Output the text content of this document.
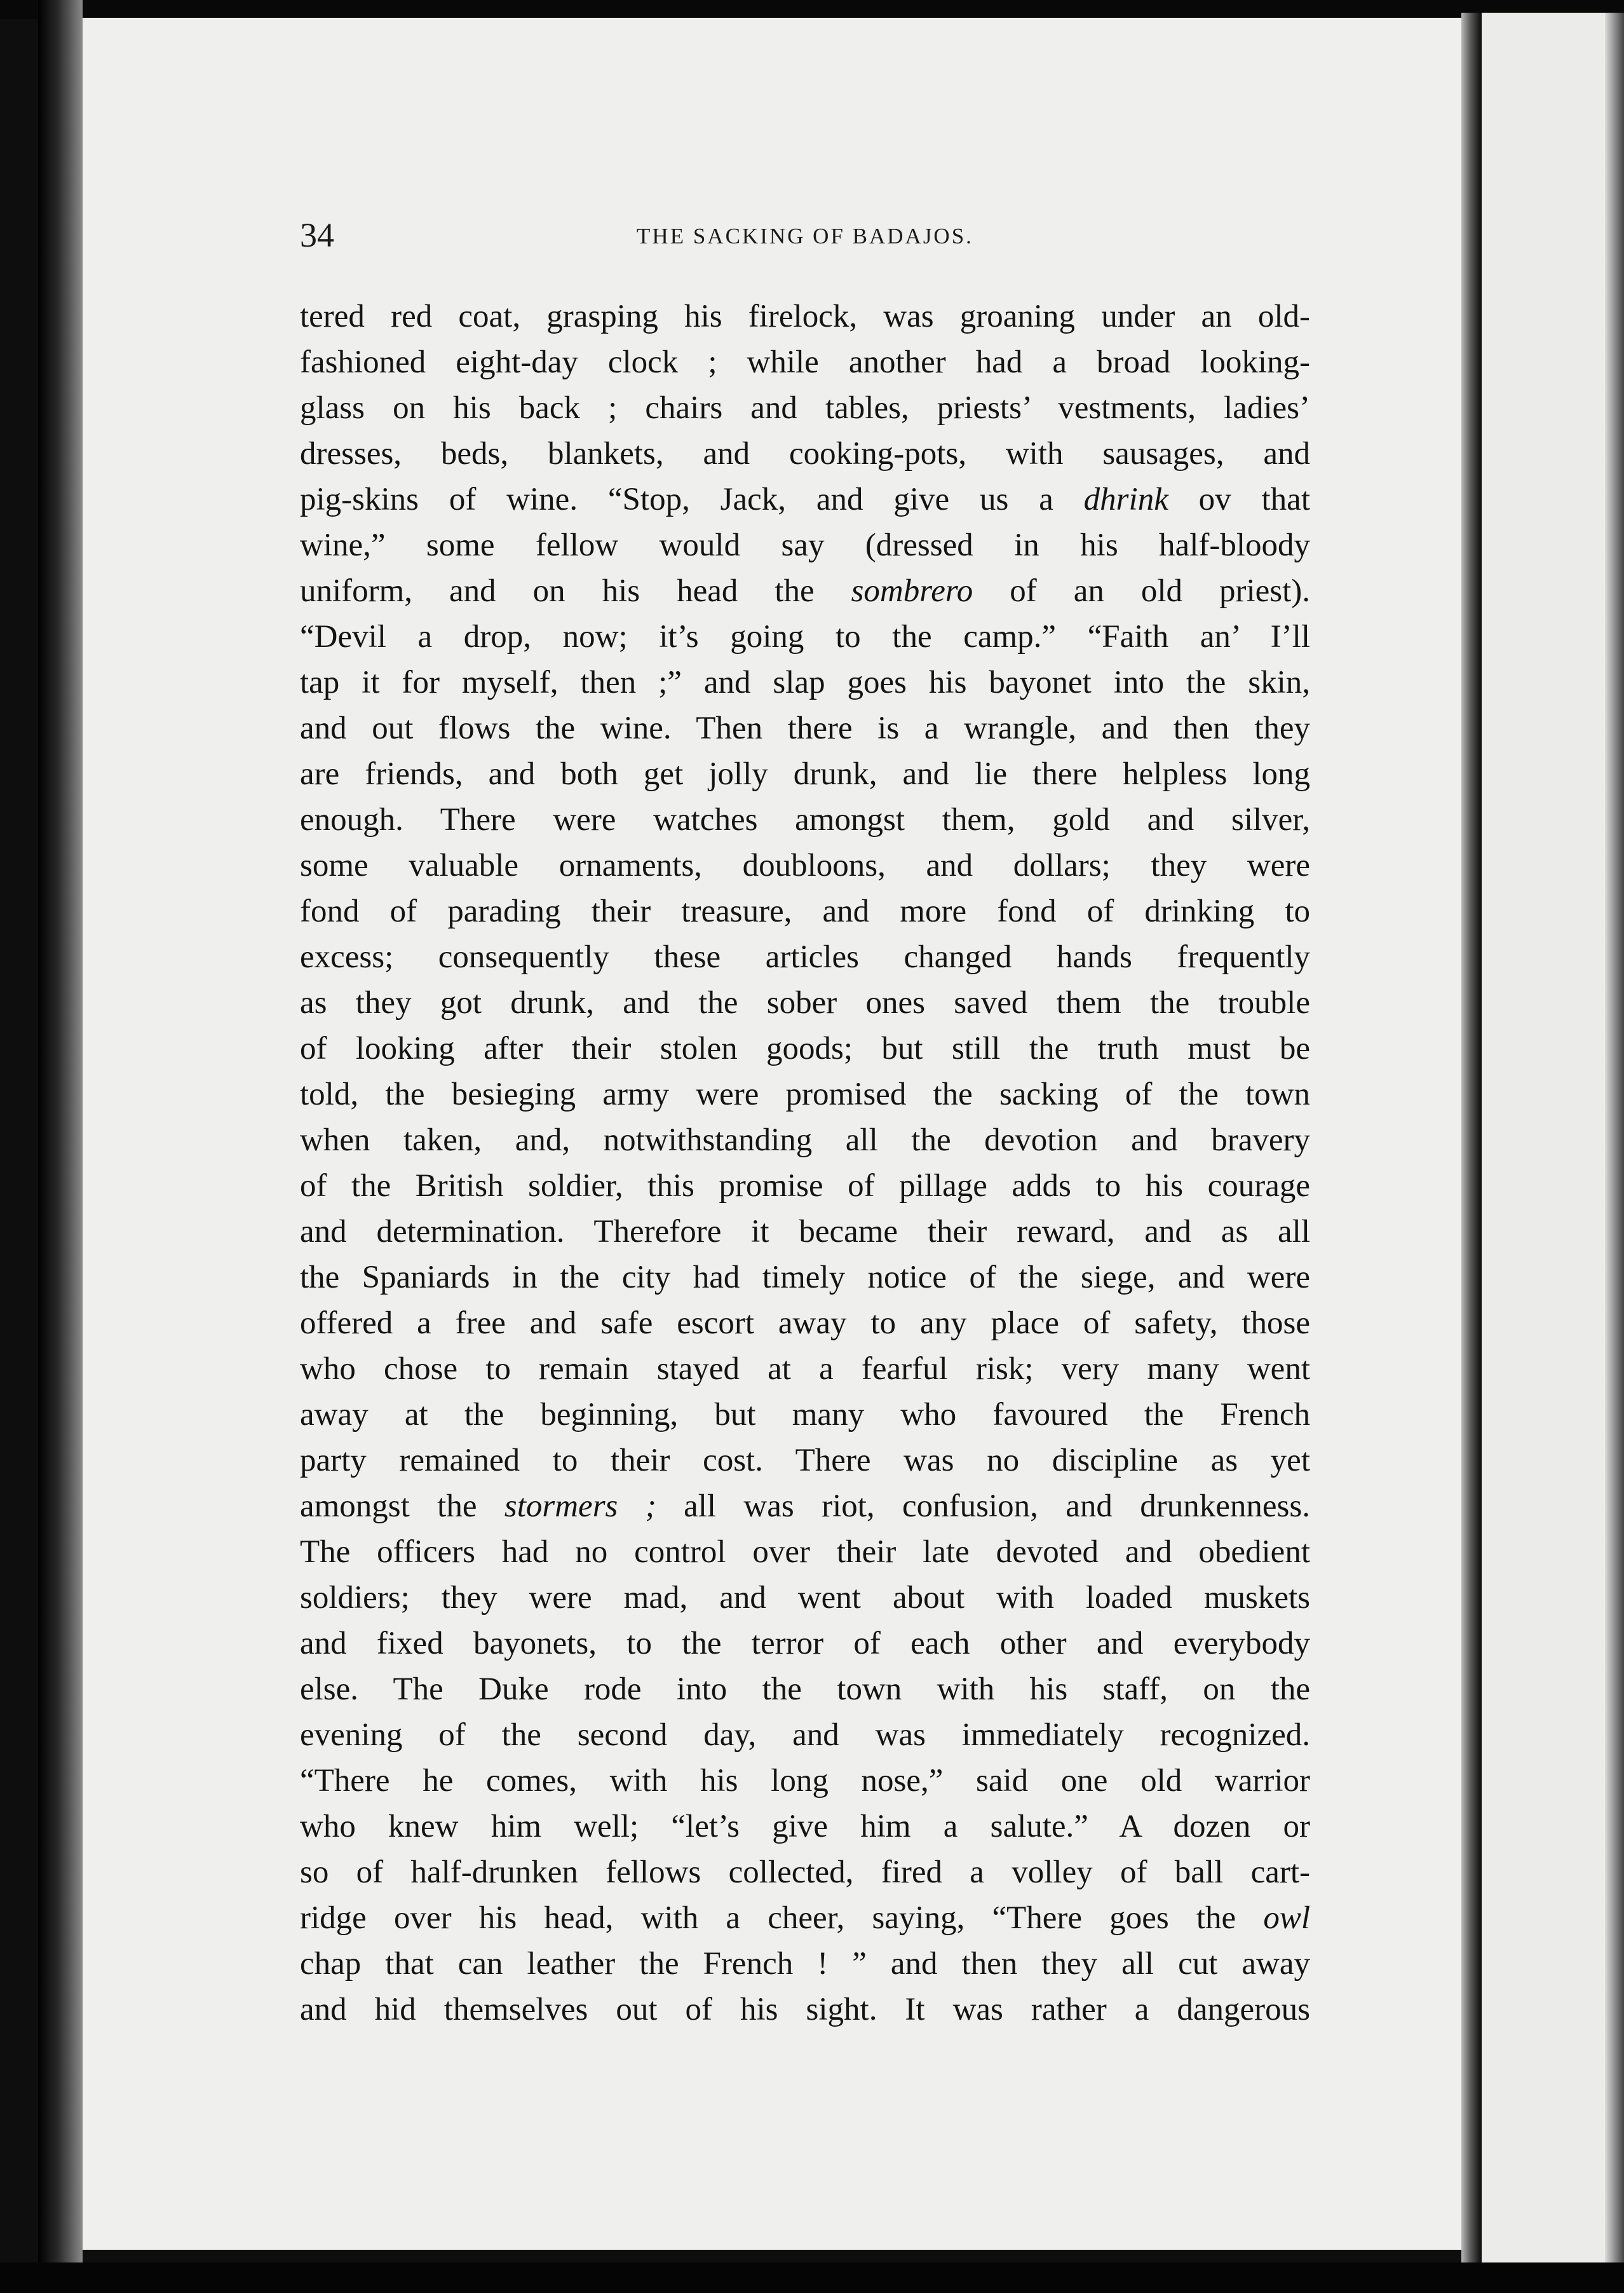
34	THE SACKING OF BADAJOS.
tered red coat, grasping his firelock, was groaning under an old-
fashioned eight-day clock ; while another had a broad looking-
glass on his back ; chairs and tables, priests’ vestments, ladies’
dresses, beds, blankets, and cooking-pots, with sausages, and
pig-skins of wine. “Stop, Jack, and give us a dhrink ov that
wine,” some fellow would say (dressed in his half-bloody
uniform, and on his head the sombrero of an old priest).
“Devil a drop, now; it’s going to the camp.” “Faith an’ I’ll
tap it for myself, then ;” and slap goes his bayonet into the skin,
and out flows the wine. Then there is a wrangle, and then they
are friends, and both get jolly drunk, and lie there helpless long
enough. There were watches amongst them, gold and silver,
some valuable ornaments, doubloons, and dollars; they were
fond of parading their treasure, and more fond of drinking to
excess; consequently these articles changed hands frequently
as they got drunk, and the sober ones saved them the trouble
of looking after their stolen goods; but still the truth must be
told, the besieging army were promised the sacking of the town
when taken, and, notwithstanding all the devotion and bravery
of the British soldier, this promise of pillage adds to his courage
and determination. Therefore it became their reward, and as all
the Spaniards in the city had timely notice of the siege, and were
offered a free and safe escort away to any place of safety, those
who chose to remain stayed at a fearful risk; very many went
away at the beginning, but many who favoured the French
party remained to their cost. There was no discipline as yet
amongst the stormers ; all was riot, confusion, and drunkenness.
The officers had no control over their late devoted and obedient
soldiers; they were mad, and went about with loaded muskets
and fixed bayonets, to the terror of each other and everybody
else. The Duke rode into the town with his staff, on the
evening of the second day, and was immediately recognized.
“There he comes, with his long nose,” said one old warrior
who knew him well; “let’s give him a salute.” A dozen or
so of half-drunken fellows collected, fired a volley of ball cart-
ridge over his head, with a cheer, saying, “There goes the owl
chap that can leather the French ! ” and then they all cut away
and hid themselves out of his sight. It was rather a dangerous
